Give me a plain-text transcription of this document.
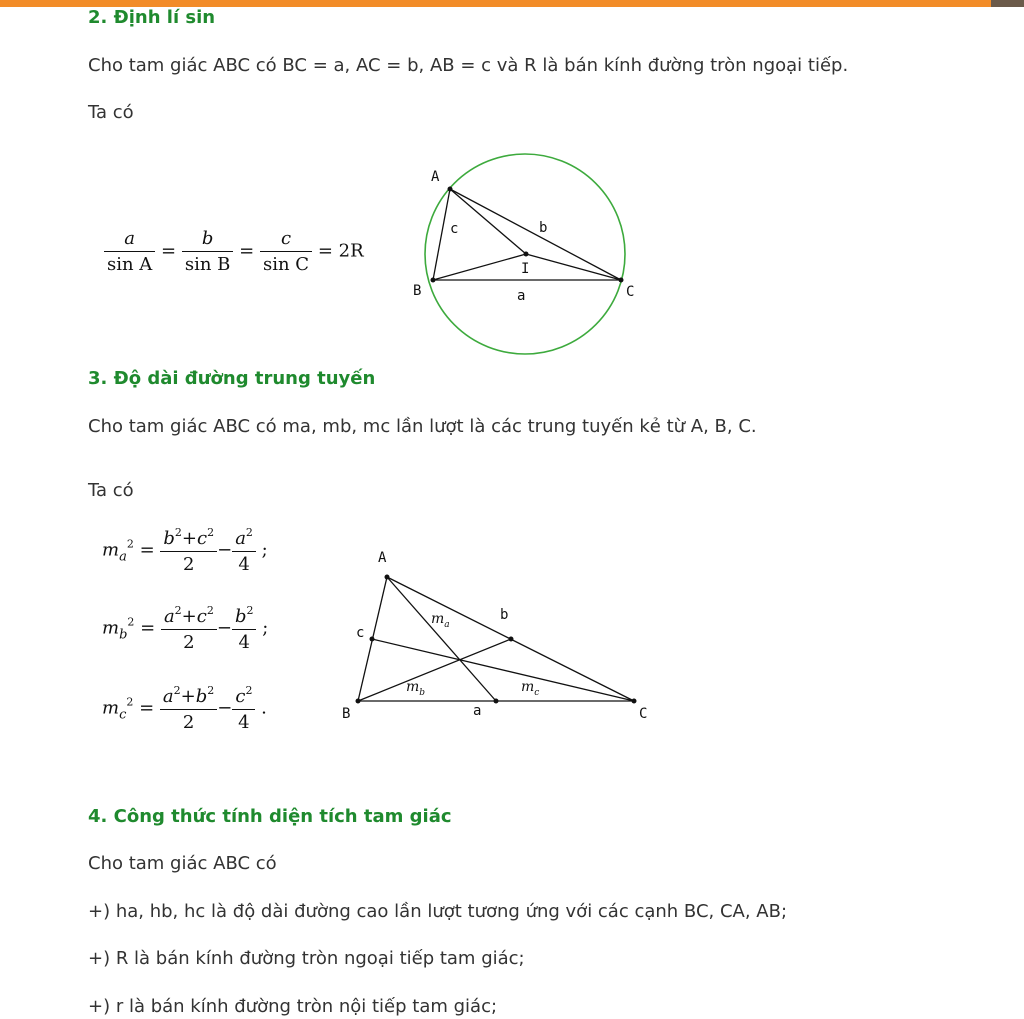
2. Định lí sin
Cho tam giác ABC có BC = a, AC = b, AB = c và R là bán kính đường tròn ngoại tiếp.
Ta có
$\frac{a}{\text{sin A}} = \frac{b}{\text{sin B}} = \frac{c}{\text{sin C}} = 2R$
A
B	C
I
a
b
c
3. Độ dài đường trung tuyến
Cho tam giác ABC có ma, mb, mc lần lượt là các trung tuyến kẻ từ A, B, C.
Ta có
$m_a^2 = \frac{b^2+c^2}{2} - \frac{a^2}{4}$ ;
$m_b^2 = \frac{a^2+c^2}{2} - \frac{b^2}{4}$ ;
$m_c^2 = \frac{a^2+b^2}{2} - \frac{c^2}{4}$ .
A
B	C
a
b
c
$m_a$
$m_b$	$m_c$
4. Công thức tính diện tích tam giác
Cho tam giác ABC có
+) ha, hb, hc là độ dài đường cao lần lượt tương ứng với các cạnh BC, CA, AB;
+) R là bán kính đường tròn ngoại tiếp tam giác;
+) r là bán kính đường tròn nội tiếp tam giác;
